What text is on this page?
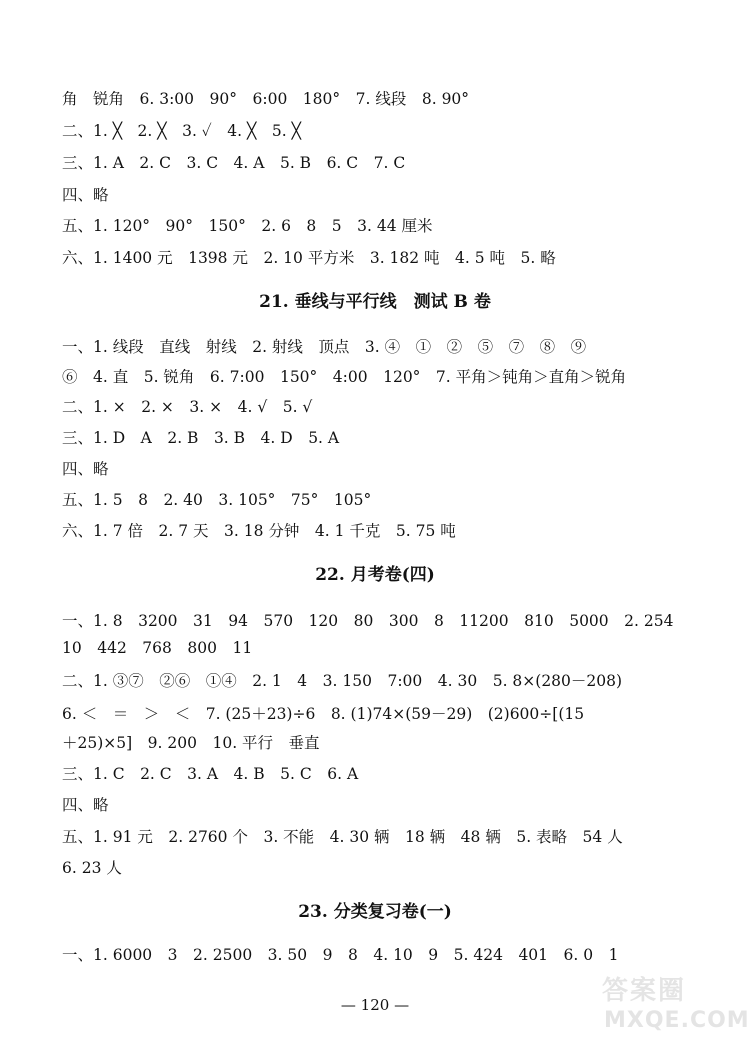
角　锐角　6. 3:00　90°　6:00　180°　7. 线段　8. 90°
二、1. ╳　2. ╳　3. ✓　4. ╳　5. ╳
三、1. A　2. C　3. C　4. A　5. B　6. C　7. C
四、略
五、1. 120°　90°　150°　2. 6　8　5　3. 44 厘米
六、1. 1400 元　1398 元　2. 10 平方米　3. 182 吨　4. 5 吨　5. 略
21. 垂线与平行线　测试 B 卷
一、1. 线段　直线　射线　2. 射线　顶点　3. ④　①　②　⑤　⑦　⑧　⑨
⑥　4. 直　5. 锐角　6. 7:00　150°　4:00　120°　7. 平角＞钝角＞直角＞锐角
二、1. ×　2. ×　3. ×　4. √　5. √
三、1. D　A　2. B　3. B　4. D　5. A
四、略
五、1. 5　8　2. 40　3. 105°　75°　105°
六、1. 7 倍　2. 7 天　3. 18 分钟　4. 1 千克　5. 75 吨
22. 月考卷(四)
一、1. 8　3200　31　94　570　120　80　300　8　11200　810　5000　2. 254
10　442　768　800　11
二、1. ③⑦　②⑥　①④　2. 1　4　3. 150　7:00　4. 30　5. 8×(280－208)
6. ＜　＝　＞　＜　7. (25＋23)÷6　8. (1)74×(59－29)　(2)600÷[(15
＋25)×5]　9. 200　10. 平行　垂直
三、1. C　2. C　3. A　4. B　5. C　6. A
四、略
五、1. 91 元　2. 2760 个　3. 不能　4. 30 辆　18 辆　48 辆　5. 表略　54 人
6. 23 人
23. 分类复习卷(一)
一、1. 6000　3　2. 2500　3. 50　9　8　4. 10　9　5. 424　401　6. 0　1
— 120 —	答案圈
MXQE.COM
